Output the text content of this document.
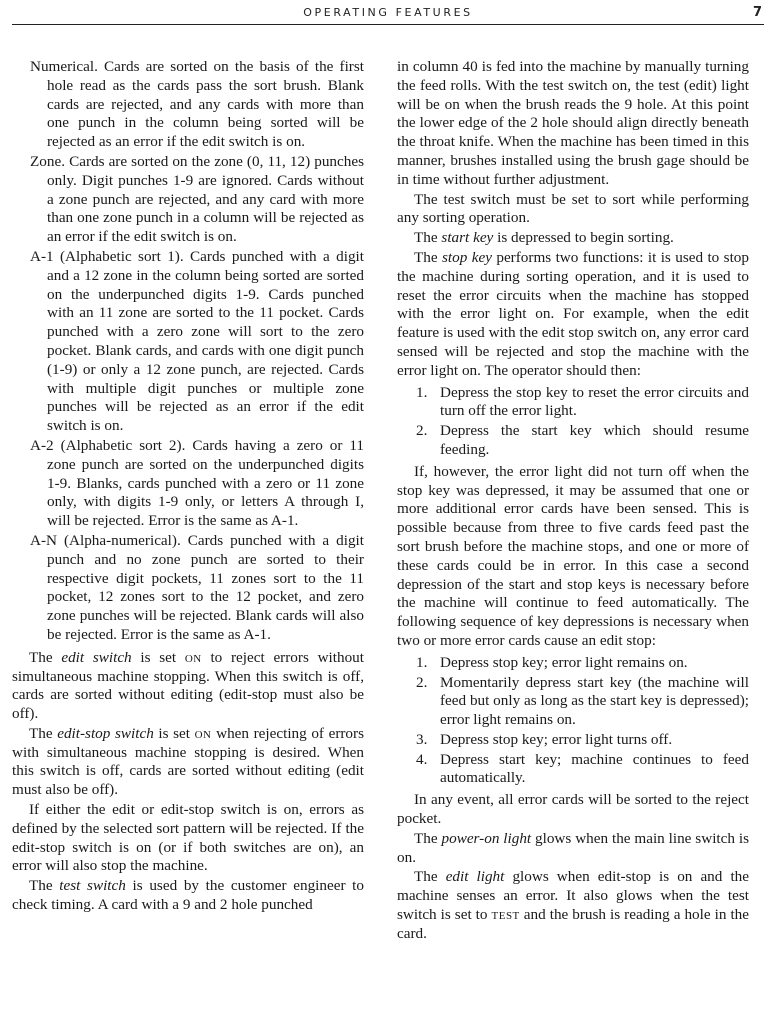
OPERATING FEATURES	7

Numerical. Cards are sorted on the basis of the first hole read as the cards pass the sort brush. Blank cards are rejected, and any cards with more than one punch in the column being sorted will be rejected as an error if the edit switch is on.

Zone. Cards are sorted on the zone (0, 11, 12) punches only. Digit punches 1-9 are ignored. Cards without a zone punch are rejected, and any card with more than one zone punch in a column will be rejected as an error if the edit switch is on.

A-1 (Alphabetic sort 1). Cards punched with a digit and a 12 zone in the column being sorted are sorted on the underpunched digits 1-9. Cards punched with an 11 zone are sorted to the 11 pocket. Cards punched with a zero zone will sort to the zero pocket. Blank cards, and cards with one digit punch (1-9) or only a 12 zone punch, are rejected. Cards with multiple digit punches or multiple zone punches will be rejected as an error if the edit switch is on.

A-2 (Alphabetic sort 2). Cards having a zero or 11 zone punch are sorted on the underpunched digits 1-9. Blanks, cards punched with a zero or 11 zone only, with digits 1-9 only, or letters A through I, will be rejected. Error is the same as A-1.

A-N (Alpha-numerical). Cards punched with a digit punch and no zone punch are sorted to their respective digit pockets, 11 zones sort to the 11 pocket, 12 zones sort to the 12 pocket, and zero zone punches will be rejected. Blank cards will also be rejected. Error is the same as A-1.

The edit switch is set on to reject errors without simultaneous machine stopping. When this switch is off, cards are sorted without editing (edit-stop must also be off).

The edit-stop switch is set on when rejecting of errors with simultaneous machine stopping is desired. When this switch is off, cards are sorted without editing (edit must also be off).

If either the edit or edit-stop switch is on, errors as defined by the selected sort pattern will be rejected. If the edit-stop switch is on (or if both switches are on), an error will also stop the machine.

The test switch is used by the customer engineer to check timing. A card with a 9 and 2 hole punched

in column 40 is fed into the machine by manually turning the feed rolls. With the test switch on, the test (edit) light will be on when the brush reads the 9 hole. At this point the lower edge of the 2 hole should align directly beneath the throat knife. When the machine has been timed in this manner, brushes installed using the brush gage should be in time without further adjustment.

The test switch must be set to sort while performing any sorting operation.

The start key is depressed to begin sorting.

The stop key performs two functions: it is used to stop the machine during sorting operation, and it is used to reset the error circuits when the machine has stopped with the error light on. For example, when the edit feature is used with the edit stop switch on, any error card sensed will be rejected and stop the machine with the error light on. The operator should then:

1. Depress the stop key to reset the error circuits and turn off the error light.
2. Depress the start key which should resume feeding.

If, however, the error light did not turn off when the stop key was depressed, it may be assumed that one or more additional error cards have been sensed. This is possible because from three to five cards feed past the sort brush before the machine stops, and one or more of these cards could be in error. In this case a second depression of the start and stop keys is necessary before the machine will continue to feed automatically. The following sequence of key depressions is necessary when two or more error cards cause an edit stop:

1. Depress stop key; error light remains on.
2. Momentarily depress start key (the machine will feed but only as long as the start key is depressed); error light remains on.
3. Depress stop key; error light turns off.
4. Depress start key; machine continues to feed automatically.

In any event, all error cards will be sorted to the reject pocket.

The power-on light glows when the main line switch is on.

The edit light glows when edit-stop is on and the machine senses an error. It also glows when the test switch is set to test and the brush is reading a hole in the card.
